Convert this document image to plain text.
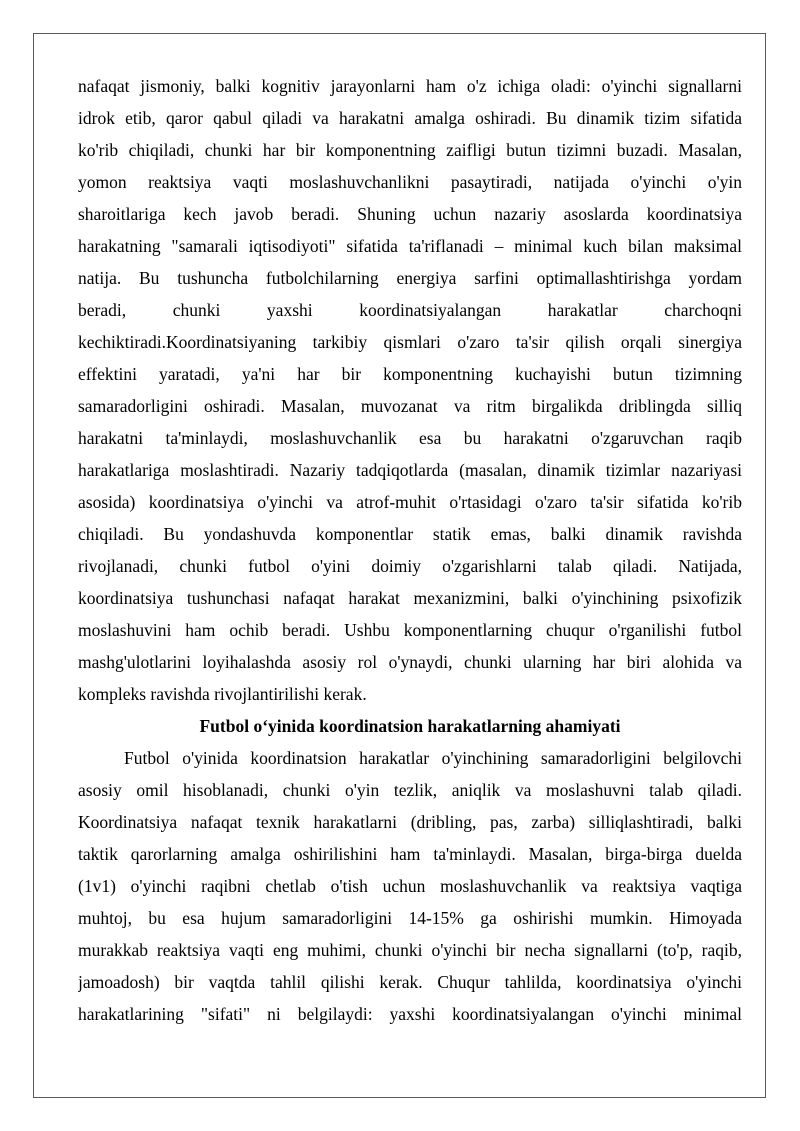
nafaqat jismoniy, balki kognitiv jarayonlarni ham o'z ichiga oladi: o'yinchi signallarni
idrok etib, qaror qabul qiladi va harakatni amalga oshiradi. Bu dinamik tizim sifatida
ko'rib chiqiladi, chunki har bir komponentning zaifligi butun tizimni buzadi. Masalan,
yomon reaktsiya vaqti moslashuvchanlikni pasaytiradi, natijada o'yinchi o'yin
sharoitlariga kech javob beradi. Shuning uchun nazariy asoslarda koordinatsiya
harakatning "samarali iqtisodiyoti" sifatida ta'riflanadi – minimal kuch bilan maksimal
natija. Bu tushuncha futbolchilarning energiya sarfini optimallashtirishga yordam
beradi, chunki yaxshi koordinatsiyalangan harakatlar charchoqni
kechiktiradi.Koordinatsiyaning tarkibiy qismlari o'zaro ta'sir qilish orqali sinergiya
effektini yaratadi, ya'ni har bir komponentning kuchayishi butun tizimning
samaradorligini oshiradi. Masalan, muvozanat va ritm birgalikda driblingda silliq
harakatni ta'minlaydi, moslashuvchanlik esa bu harakatni o'zgaruvchan raqib
harakatlariga moslashtiradi. Nazariy tadqiqotlarda (masalan, dinamik tizimlar nazariyasi
asosida) koordinatsiya o'yinchi va atrof-muhit o'rtasidagi o'zaro ta'sir sifatida ko'rib
chiqiladi. Bu yondashuvda komponentlar statik emas, balki dinamik ravishda
rivojlanadi, chunki futbol o'yini doimiy o'zgarishlarni talab qiladi. Natijada,
koordinatsiya tushunchasi nafaqat harakat mexanizmini, balki o'yinchining psixofizik
moslashuvini ham ochib beradi. Ushbu komponentlarning chuqur o'rganilishi futbol
mashg'ulotlarini loyihalashda asosiy rol o'ynaydi, chunki ularning har biri alohida va
kompleks ravishda rivojlantirilishi kerak.
Futbol o‘yinida koordinatsion harakatlarning ahamiyati
Futbol o'yinida koordinatsion harakatlar o'yinchining samaradorligini belgilovchi
asosiy omil hisoblanadi, chunki o'yin tezlik, aniqlik va moslashuvni talab qiladi.
Koordinatsiya nafaqat texnik harakatlarni (dribling, pas, zarba) silliqlashtiradi, balki
taktik qarorlarning amalga oshirilishini ham ta'minlaydi. Masalan, birga-birga duelda
(1v1) o'yinchi raqibni chetlab o'tish uchun moslashuvchanlik va reaktsiya vaqtiga
muhtoj, bu esa hujum samaradorligini 14-15% ga oshirishi mumkin. Himoyada
murakkab reaktsiya vaqti eng muhimi, chunki o'yinchi bir necha signallarni (to'p, raqib,
jamoadosh) bir vaqtda tahlil qilishi kerak. Chuqur tahlilda, koordinatsiya o'yinchi
harakatlarining "sifati" ni belgilaydi: yaxshi koordinatsiyalangan o'yinchi minimal
